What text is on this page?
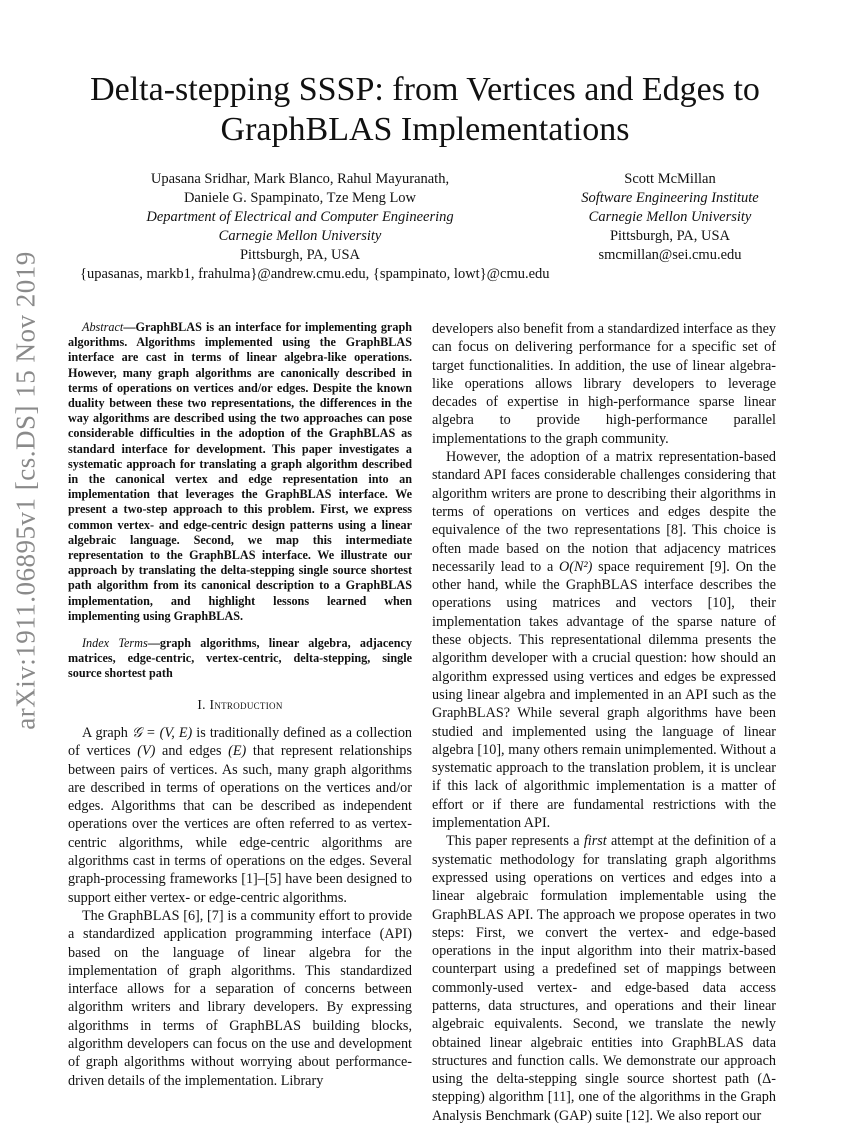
arXiv:1911.06895v1 [cs.DS] 15 Nov 2019
Delta-stepping SSSP: from Vertices and Edges to
GraphBLAS Implementations
Upasana Sridhar, Mark Blanco, Rahul Mayuranath,
Daniele G. Spampinato, Tze Meng Low
Department of Electrical and Computer Engineering
Carnegie Mellon University
Pittsburgh, PA, USA
{upasanas, markb1, frahulma}@andrew.cmu.edu, {spampinato, lowt}@cmu.edu
Scott McMillan
Software Engineering Institute
Carnegie Mellon University
Pittsburgh, PA, USA
smcmillan@sei.cmu.edu

Abstract—GraphBLAS is an interface for implementing graph algorithms. Algorithms implemented using the GraphBLAS interface are cast in terms of linear algebra-like operations. However, many graph algorithms are canonically described in terms of operations on vertices and/or edges. Despite the known duality between these two representations, the differences in the way algorithms are described using the two approaches can pose considerable difficulties in the adoption of the GraphBLAS as standard interface for development. This paper investigates a systematic approach for translating a graph algorithm described in the canonical vertex and edge representation into an implementation that leverages the GraphBLAS interface. We present a two-step approach to this problem. First, we express common vertex- and edge-centric design patterns using a linear algebraic language. Second, we map this intermediate representation to the GraphBLAS interface. We illustrate our approach by translating the delta-stepping single source shortest path algorithm from its canonical description to a GraphBLAS implementation, and highlight lessons learned when implementing using GraphBLAS.

Index Terms—graph algorithms, linear algebra, adjacency matrices, edge-centric, vertex-centric, delta-stepping, single source shortest path

I. Introduction

A graph 𝒢 = (V, E) is traditionally defined as a collection of vertices (V) and edges (E) that represent relationships between pairs of vertices. As such, many graph algorithms are described in terms of operations on the vertices and/or edges. Algorithms that can be described as independent operations over the vertices are often referred to as vertex-centric algorithms, while edge-centric algorithms are algorithms cast in terms of operations on the edges. Several graph-processing frameworks [1]–[5] have been designed to support either vertex- or edge-centric algorithms.

The GraphBLAS [6], [7] is a community effort to provide a standardized application programming interface (API) based on the language of linear algebra for the implementation of graph algorithms. This standardized interface allows for a separation of concerns between algorithm writers and library developers. By expressing algorithms in terms of GraphBLAS building blocks, algorithm developers can focus on the use and development of graph algorithms without worrying about performance-driven details of the implementation. Library

developers also benefit from a standardized interface as they can focus on delivering performance for a specific set of target functionalities. In addition, the use of linear algebra-like operations allows library developers to leverage decades of expertise in high-performance sparse linear algebra to provide high-performance parallel implementations to the graph community.

However, the adoption of a matrix representation-based standard API faces considerable challenges considering that algorithm writers are prone to describing their algorithms in terms of operations on vertices and edges despite the equivalence of the two representations [8]. This choice is often made based on the notion that adjacency matrices necessarily lead to a O(N²) space requirement [9]. On the other hand, while the GraphBLAS interface describes the operations using matrices and vectors [10], their implementation takes advantage of the sparse nature of these objects. This representational dilemma presents the algorithm developer with a crucial question: how should an algorithm expressed using vertices and edges be expressed using linear algebra and implemented in an API such as the GraphBLAS? While several graph algorithms have been studied and implemented using the language of linear algebra [10], many others remain unimplemented. Without a systematic approach to the translation problem, it is unclear if this lack of algorithmic implementation is a matter of effort or if there are fundamental restrictions with the implementation API.

This paper represents a first attempt at the definition of a systematic methodology for translating graph algorithms expressed using operations on vertices and edges into a linear algebraic formulation implementable using the GraphBLAS API. The approach we propose operates in two steps: First, we convert the vertex- and edge-based operations in the input algorithm into their matrix-based counterpart using a predefined set of mappings between commonly-used vertex- and edge-based data access patterns, data structures, and operations and their linear algebraic equivalents. Second, we translate the newly obtained linear algebraic entities into GraphBLAS data structures and function calls. We demonstrate our approach using the delta-stepping single source shortest path (Δ-stepping) algorithm [11], one of the algorithms in the Graph Analysis Benchmark (GAP) suite [12]. We also report our
